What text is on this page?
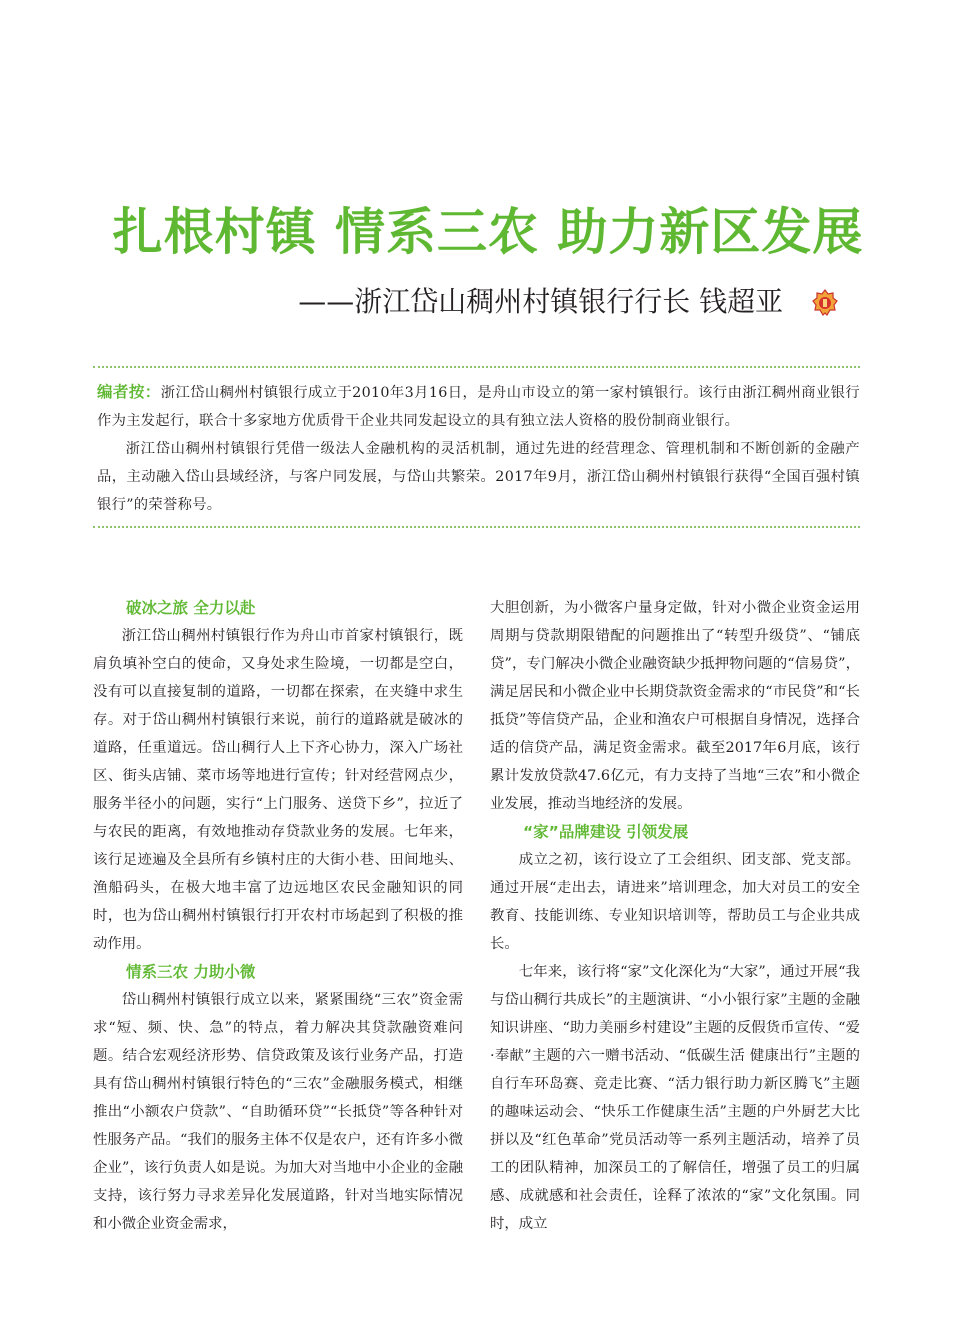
扎根村镇 情系三农 助力新区发展
——浙江岱山稠州村镇银行行长 钱超亚

编者按：浙江岱山稠州村镇银行成立于2010年3月16日，是舟山市设立的第一家村镇银行。该行由浙江稠州商业银行作为主发起行，联合十多家地方优质骨干企业共同发起设立的具有独立法人资格的股份制商业银行。

浙江岱山稠州村镇银行凭借一级法人金融机构的灵活机制，通过先进的经营理念、管理机制和不断创新的金融产品，主动融入岱山县域经济，与客户同发展，与岱山共繁荣。2017年9月，浙江岱山稠州村镇银行获得“全国百强村镇银行”的荣誉称号。

破冰之旅 全力以赴

浙江岱山稠州村镇银行作为舟山市首家村镇银行，既肩负填补空白的使命，又身处求生险境，一切都是空白，没有可以直接复制的道路，一切都在探索，在夹缝中求生存。对于岱山稠州村镇银行来说，前行的道路就是破冰的道路，任重道远。岱山稠行人上下齐心协力，深入广场社区、街头店铺、菜市场等地进行宣传；针对经营网点少，服务半径小的问题，实行“上门服务、送贷下乡”，拉近了与农民的距离，有效地推动存贷款业务的发展。七年来，该行足迹遍及全县所有乡镇村庄的大街小巷、田间地头、渔船码头，在极大地丰富了边远地区农民金融知识的同时，也为岱山稠州村镇银行打开农村市场起到了积极的推动作用。

情系三农 力助小微

岱山稠州村镇银行成立以来，紧紧围绕“三农”资金需求“短、频、快、急”的特点，着力解决其贷款融资难问题。结合宏观经济形势、信贷政策及该行业务产品，打造具有岱山稠州村镇银行特色的“三农”金融服务模式，相继推出“小额农户贷款”、“自助循环贷”“长抵贷”等各种针对性服务产品。“我们的服务主体不仅是农户，还有许多小微企业”，该行负责人如是说。为加大对当地中小企业的金融支持，该行努力寻求差异化发展道路，针对当地实际情况和小微企业资金需求，

大胆创新，为小微客户量身定做，针对小微企业资金运用周期与贷款期限错配的问题推出了“转型升级贷”、“铺底贷”，专门解决小微企业融资缺少抵押物问题的“信易贷”，满足居民和小微企业中长期贷款资金需求的“市民贷”和“长抵贷”等信贷产品，企业和渔农户可根据自身情况，选择合适的信贷产品，满足资金需求。截至2017年6月底，该行累计发放贷款47.6亿元，有力支持了当地“三农”和小微企业发展，推动当地经济的发展。

“家”品牌建设 引领发展

成立之初，该行设立了工会组织、团支部、党支部。通过开展“走出去，请进来”培训理念，加大对员工的安全教育、技能训练、专业知识培训等，帮助员工与企业共成长。

七年来，该行将“家”文化深化为“大家”，通过开展“我与岱山稠行共成长”的主题演讲、“小小银行家”主题的金融知识讲座、“助力美丽乡村建设”主题的反假货币宣传、“爱·奉献”主题的六一赠书活动、“低碳生活 健康出行”主题的自行车环岛赛、竞走比赛、“活力银行助力新区腾飞”主题的趣味运动会、“快乐工作健康生活”主题的户外厨艺大比拼以及“红色革命”党员活动等一系列主题活动，培养了员工的团队精神，加深员工的了解信任，增强了员工的归属感、成就感和社会责任，诠释了浓浓的“家”文化氛围。同时，成立
